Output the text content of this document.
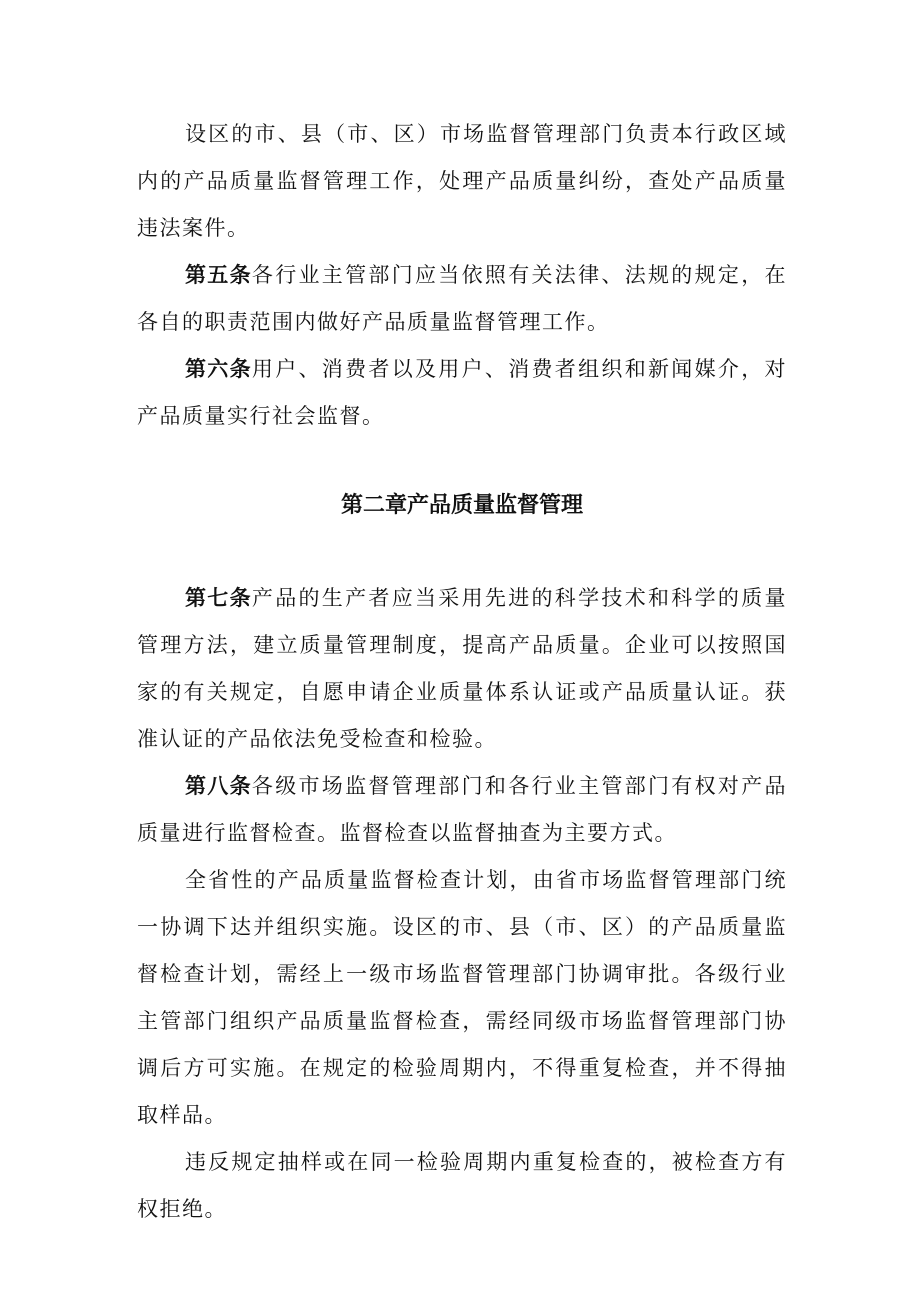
设区的市、县（市、区）市场监督管理部门负责本行政区域内的产品质量监督管理工作，处理产品质量纠纷，查处产品质量违法案件。

第五条各行业主管部门应当依照有关法律、法规的规定，在各自的职责范围内做好产品质量监督管理工作。

第六条用户、消费者以及用户、消费者组织和新闻媒介，对产品质量实行社会监督。

第二章产品质量监督管理

第七条产品的生产者应当采用先进的科学技术和科学的质量管理方法，建立质量管理制度，提高产品质量。企业可以按照国家的有关规定，自愿申请企业质量体系认证或产品质量认证。获准认证的产品依法免受检查和检验。

第八条各级市场监督管理部门和各行业主管部门有权对产品质量进行监督检查。监督检查以监督抽查为主要方式。

全省性的产品质量监督检查计划，由省市场监督管理部门统一协调下达并组织实施。设区的市、县（市、区）的产品质量监督检查计划，需经上一级市场监督管理部门协调审批。各级行业主管部门组织产品质量监督检查，需经同级市场监督管理部门协调后方可实施。在规定的检验周期内，不得重复检查，并不得抽取样品。

违反规定抽样或在同一检验周期内重复检查的，被检查方有权拒绝。
